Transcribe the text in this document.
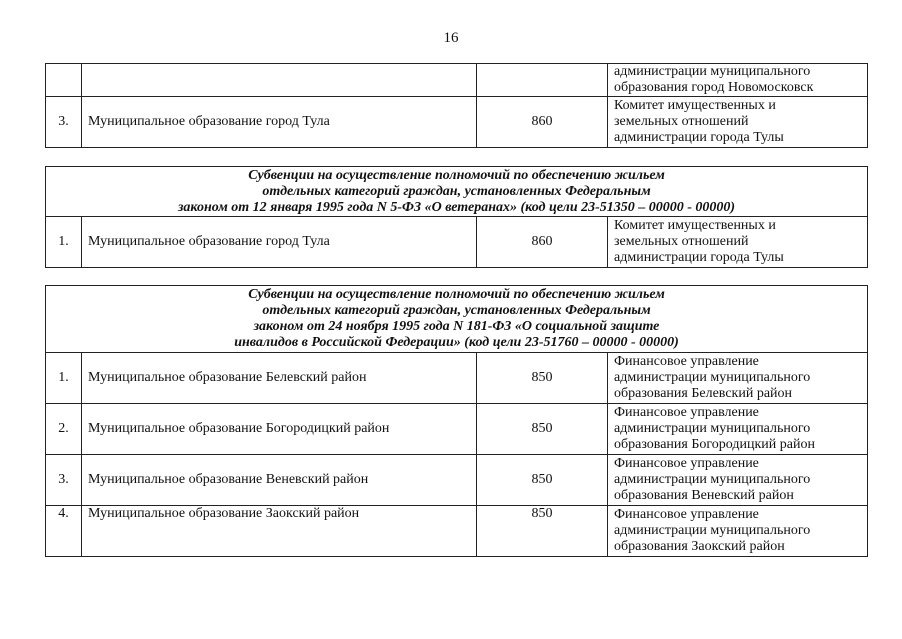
16

			администрации муниципального
образования город Новомосковск

3.	Муниципальное образование город Тула	860	Комитет имущественных и
земельных отношений
администрации города Тулы
Субвенции на осуществление полномочий по обеспечению жильем
отдельных категорий граждан, установленных Федеральным
законом от 12 января 1995 года N 5-ФЗ «О ветеранах» (код цели 23-51350 – 00000 - 00000)

1.	Муниципальное образование город Тула	860	
Комитет имущественных и
земельных отношений
администрации города Тулы
Субвенции на осуществление полномочий по обеспечению жильем
отдельных категорий граждан, установленных Федеральным
законом от 24 ноября 1995 года N 181-ФЗ «О социальной защите
инвалидов в Российской Федерации» (код цели 23-51760 – 00000 - 00000)			

1.	Муниципальное образование Белевский район	850	Финансовое управление
администрации муниципального
образования Белевский район

2.	Муниципальное образование Богородицкий район	850	Финансовое управление
администрации муниципального
образования Богородицкий район

3.	Муниципальное образование Веневский район	850	Финансовое управление
администрации муниципального
образования Веневский район

4.	Муниципальное образование Заокский район	850	Финансовое управление
администрации муниципального
образования Заокский район
